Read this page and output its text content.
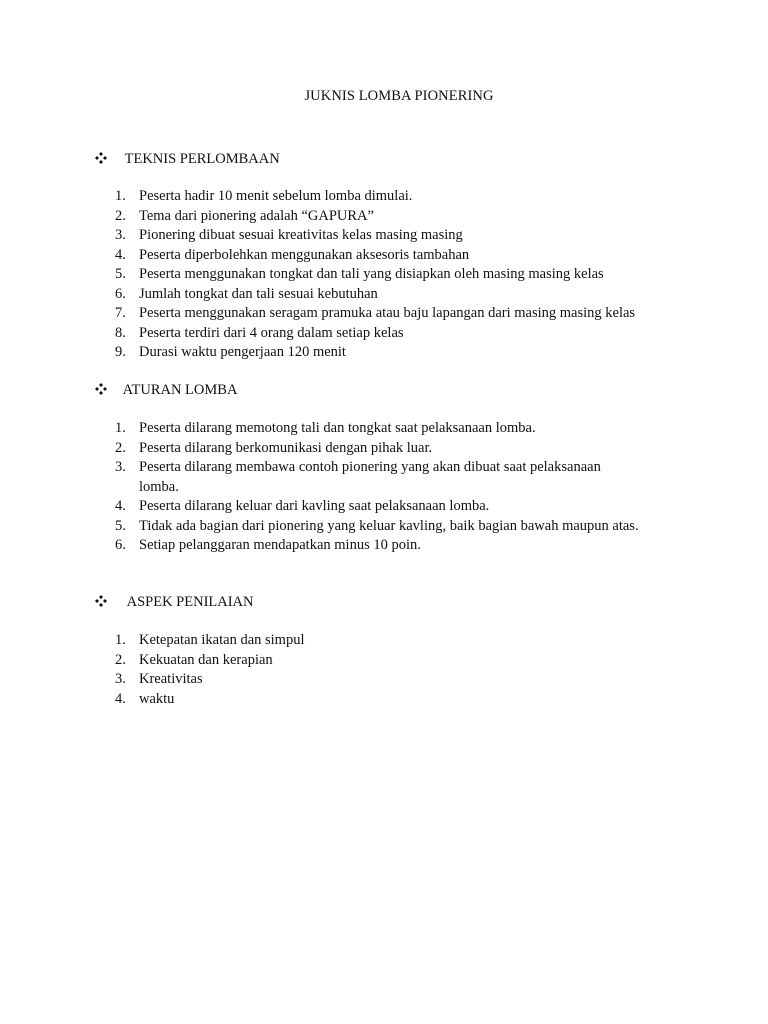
JUKNIS LOMBA PIONERING
TEKNIS PERLOMBAAN
1. Peserta hadir 10 menit sebelum lomba dimulai.
2. Tema dari pionering adalah “GAPURA”
3. Pionering dibuat sesuai kreativitas kelas masing masing
4. Peserta diperbolehkan menggunakan aksesoris tambahan
5. Peserta menggunakan tongkat dan tali yang disiapkan oleh masing masing kelas
6. Jumlah tongkat dan tali sesuai kebutuhan
7. Peserta menggunakan seragam pramuka atau baju lapangan dari masing masing kelas
8. Peserta terdiri dari 4 orang dalam setiap kelas
9. Durasi waktu pengerjaan 120 menit
ATURAN LOMBA
1. Peserta dilarang memotong tali dan tongkat saat pelaksanaan lomba.
2. Peserta dilarang berkomunikasi dengan pihak luar.
3. Peserta dilarang membawa contoh pionering yang akan dibuat saat pelaksanaan lomba.
4. Peserta dilarang keluar dari kavling saat pelaksanaan lomba.
5. Tidak ada bagian dari pionering yang keluar kavling, baik bagian bawah maupun atas.
6. Setiap pelanggaran mendapatkan minus 10 poin.
ASPEK PENILAIAN
1. Ketepatan ikatan dan simpul
2. Kekuatan dan kerapian
3. Kreativitas
4. waktu
